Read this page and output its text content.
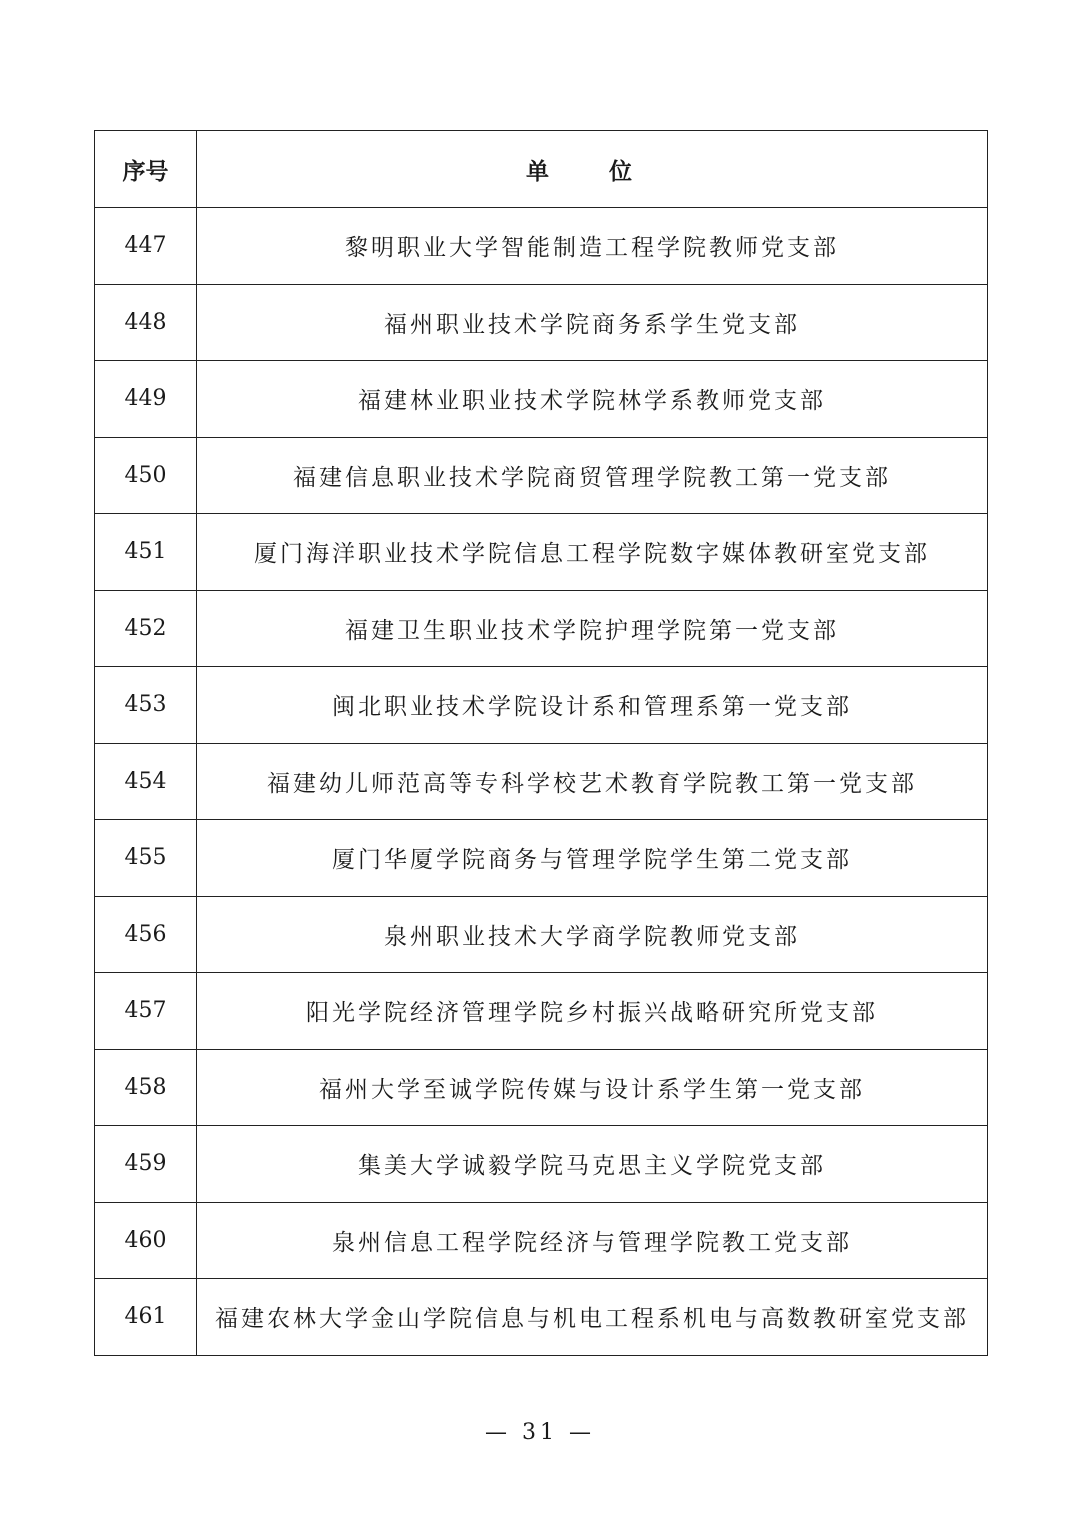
序号	单 位
447	黎明职业大学智能制造工程学院教师党支部
448	福州职业技术学院商务系学生党支部
449	福建林业职业技术学院林学系教师党支部
450	福建信息职业技术学院商贸管理学院教工第一党支部
451	厦门海洋职业技术学院信息工程学院数字媒体教研室党支部
452	福建卫生职业技术学院护理学院第一党支部
453	闽北职业技术学院设计系和管理系第一党支部
454	福建幼儿师范高等专科学校艺术教育学院教工第一党支部
455	厦门华厦学院商务与管理学院学生第二党支部
456	泉州职业技术大学商学院教师党支部
457	阳光学院经济管理学院乡村振兴战略研究所党支部
458	福州大学至诚学院传媒与设计系学生第一党支部
459	集美大学诚毅学院马克思主义学院党支部
460	泉州信息工程学院经济与管理学院教工党支部
461	福建农林大学金山学院信息与机电工程系机电与高数教研室党支部
— 31 —
